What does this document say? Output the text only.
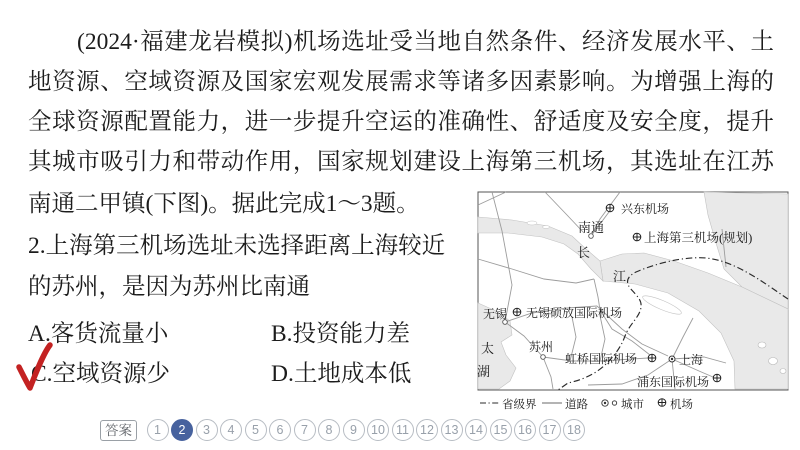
(2024·福建龙岩模拟)机场选址受当地自然条件、经济发展水平、土
地资源、空域资源及国家宏观发展需求等诸多因素影响。为增强上海的
全球资源配置能力，进一步提升空运的准确性、舒适度及安全度，提升
其城市吸引力和带动作用，国家规划建设上海第三机场，其选址在江苏
南通二甲镇(下图)。据此完成1～3题。
2.上海第三机场选址未选择距离上海较近
的苏州，是因为苏州比南通
A.客货流量小	B.投资能力差
C.空域资源少	D.土地成本低
兴东机场
南通
上海第三机场(规划)
长
江
无锡 无锡硕放国际机场
太
湖
苏州
虹桥国际机场	上海
浦东国际机场
省级界 道路	城市 机场
答案	1	2	3	4	5	6	7	8	9	10 11 12 13 14 15 16 17 18
